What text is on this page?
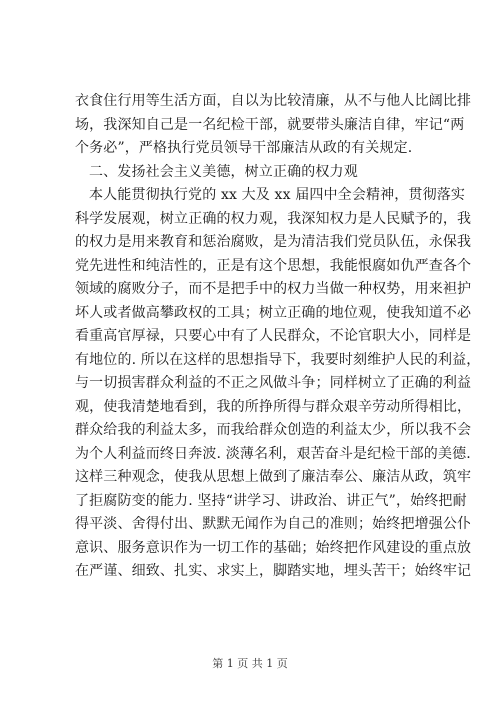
衣食住行用等生活方面，自以为比较清廉，从不与他人比阔比排
场，我深知自己是一名纪检干部，就要带头廉洁自律，牢记“两
个务必”，严格执行党员领导干部廉洁从政的有关规定.
二、发扬社会主义美德，树立正确的权力观
本人能贯彻执行党的 xx 大及 xx 届四中全会精神，贯彻落实
科学发展观，树立正确的权力观，我深知权力是人民赋予的，我
的权力是用来教育和惩治腐败，是为清洁我们党员队伍，永保我
党先进性和纯洁性的，正是有这个思想，我能恨腐如仇严查各个
领域的腐败分子，而不是把手中的权力当做一种权势，用来袒护
坏人或者做高攀政权的工具；树立正确的地位观，使我知道不必
看重高官厚禄，只要心中有了人民群众，不论官职大小，同样是
有地位的. 所以在这样的思想指导下，我要时刻维护人民的利益，
与一切损害群众利益的不正之风做斗争；同样树立了正确的利益
观，使我清楚地看到，我的所挣所得与群众艰辛劳动所得相比，
群众给我的利益太多，而我给群众创造的利益太少，所以我不会
为个人利益而终日奔波. 淡薄名利，艰苦奋斗是纪检干部的美德.
这样三种观念，使我从思想上做到了廉洁奉公、廉洁从政，筑牢
了拒腐防变的能力. 坚持“讲学习、讲政治、讲正气”，始终把耐
得平淡、舍得付出、默默无闻作为自己的准则；始终把增强公仆
意识、服务意识作为一切工作的基础；始终把作风建设的重点放
在严谨、细致、扎实、求实上，脚踏实地，埋头苦干；始终牢记
第 1 页 共 1 页
